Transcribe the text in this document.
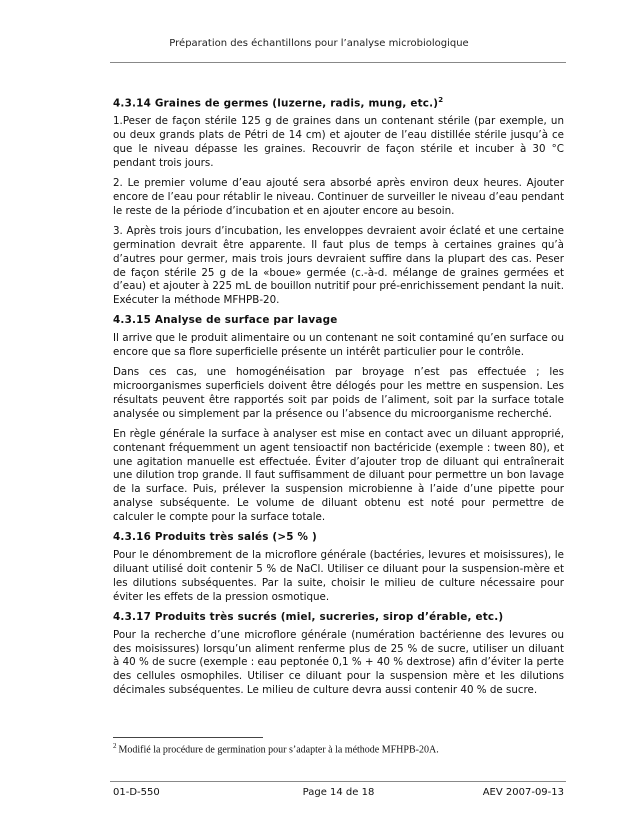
Préparation des échantillons pour l’analyse microbiologique
4.3.14 Graines de germes (luzerne, radis, mung, etc.)$^2$

1.Peser de façon stérile 125 g de graines dans un contenant stérile (par exemple, un ou deux grands plats de Pétri de 14 cm) et ajouter de l’eau distillée stérile jusqu’à ce que le niveau dépasse les graines. Recouvrir de façon stérile et incuber à 30 °C pendant trois jours.

2. Le premier volume d’eau ajouté sera absorbé après environ deux heures. Ajouter encore de l’eau pour rétablir le niveau. Continuer de surveiller le niveau d’eau pendant le reste de la période d’incubation et en ajouter encore au besoin.

3. Après trois jours d’incubation, les enveloppes devraient avoir éclaté et une certaine germination devrait être apparente. Il faut plus de temps à certaines graines qu’à d’autres pour germer, mais trois jours devraient suffire dans la plupart des cas. Peser de façon stérile 25 g de la «boue» germée (c.-à-d. mélange de graines germées et d’eau) et ajouter à 225 mL de bouillon nutritif pour pré-enrichissement pendant la nuit. Exécuter la méthode MFHPB-20.

4.3.15 Analyse de surface par lavage

Il arrive que le produit alimentaire ou un contenant ne soit contaminé qu’en surface ou encore que sa flore superficielle présente un intérêt particulier pour le contrôle.

Dans ces cas, une homogénéisation par broyage n’est pas effectuée ; les microorganismes superficiels doivent être délogés pour les mettre en suspension. Les résultats peuvent être rapportés soit par poids de l’aliment, soit par la surface totale analysée ou simplement par la présence ou l’absence du microorganisme recherché.

En règle générale la surface à analyser est mise en contact avec un diluant approprié, contenant fréquemment un agent tensioactif non bactéricide (exemple : tween 80), et une agitation manuelle est effectuée. Éviter d’ajouter trop de diluant qui entraînerait une dilution trop grande. Il faut suffisamment de diluant pour permettre un bon lavage de la surface. Puis, prélever la suspension microbienne à l’aide d’une pipette pour analyse subséquente. Le volume de diluant obtenu est noté pour permettre de calculer le compte pour la surface totale.

4.3.16 Produits très salés (>5 % )

Pour le dénombrement de la microflore générale (bactéries, levures et moisissures), le diluant utilisé doit contenir 5 % de NaCl. Utiliser ce diluant pour la suspension-mère et les dilutions subséquentes. Par la suite, choisir le milieu de culture nécessaire pour éviter les effets de la pression osmotique.

4.3.17 Produits très sucrés (miel, sucreries, sirop d’érable, etc.)

Pour la recherche d’une microflore générale (numération bactérienne des levures ou des moisissures) lorsqu’un aliment renferme plus de 25 % de sucre, utiliser un diluant à 40 % de sucre (exemple : eau peptonée 0,1 % + 40 % dextrose) afin d’éviter la perte des cellules osmophiles. Utiliser ce diluant pour la suspension mère et les dilutions décimales subséquentes. Le milieu de culture devra aussi contenir 40 % de sucre.

$^2$ Modifié la procédure de germination pour s’adapter à la méthode MFHPB-20A.
01-D-550	Page 14 de 18	AEV 2007-09-13
